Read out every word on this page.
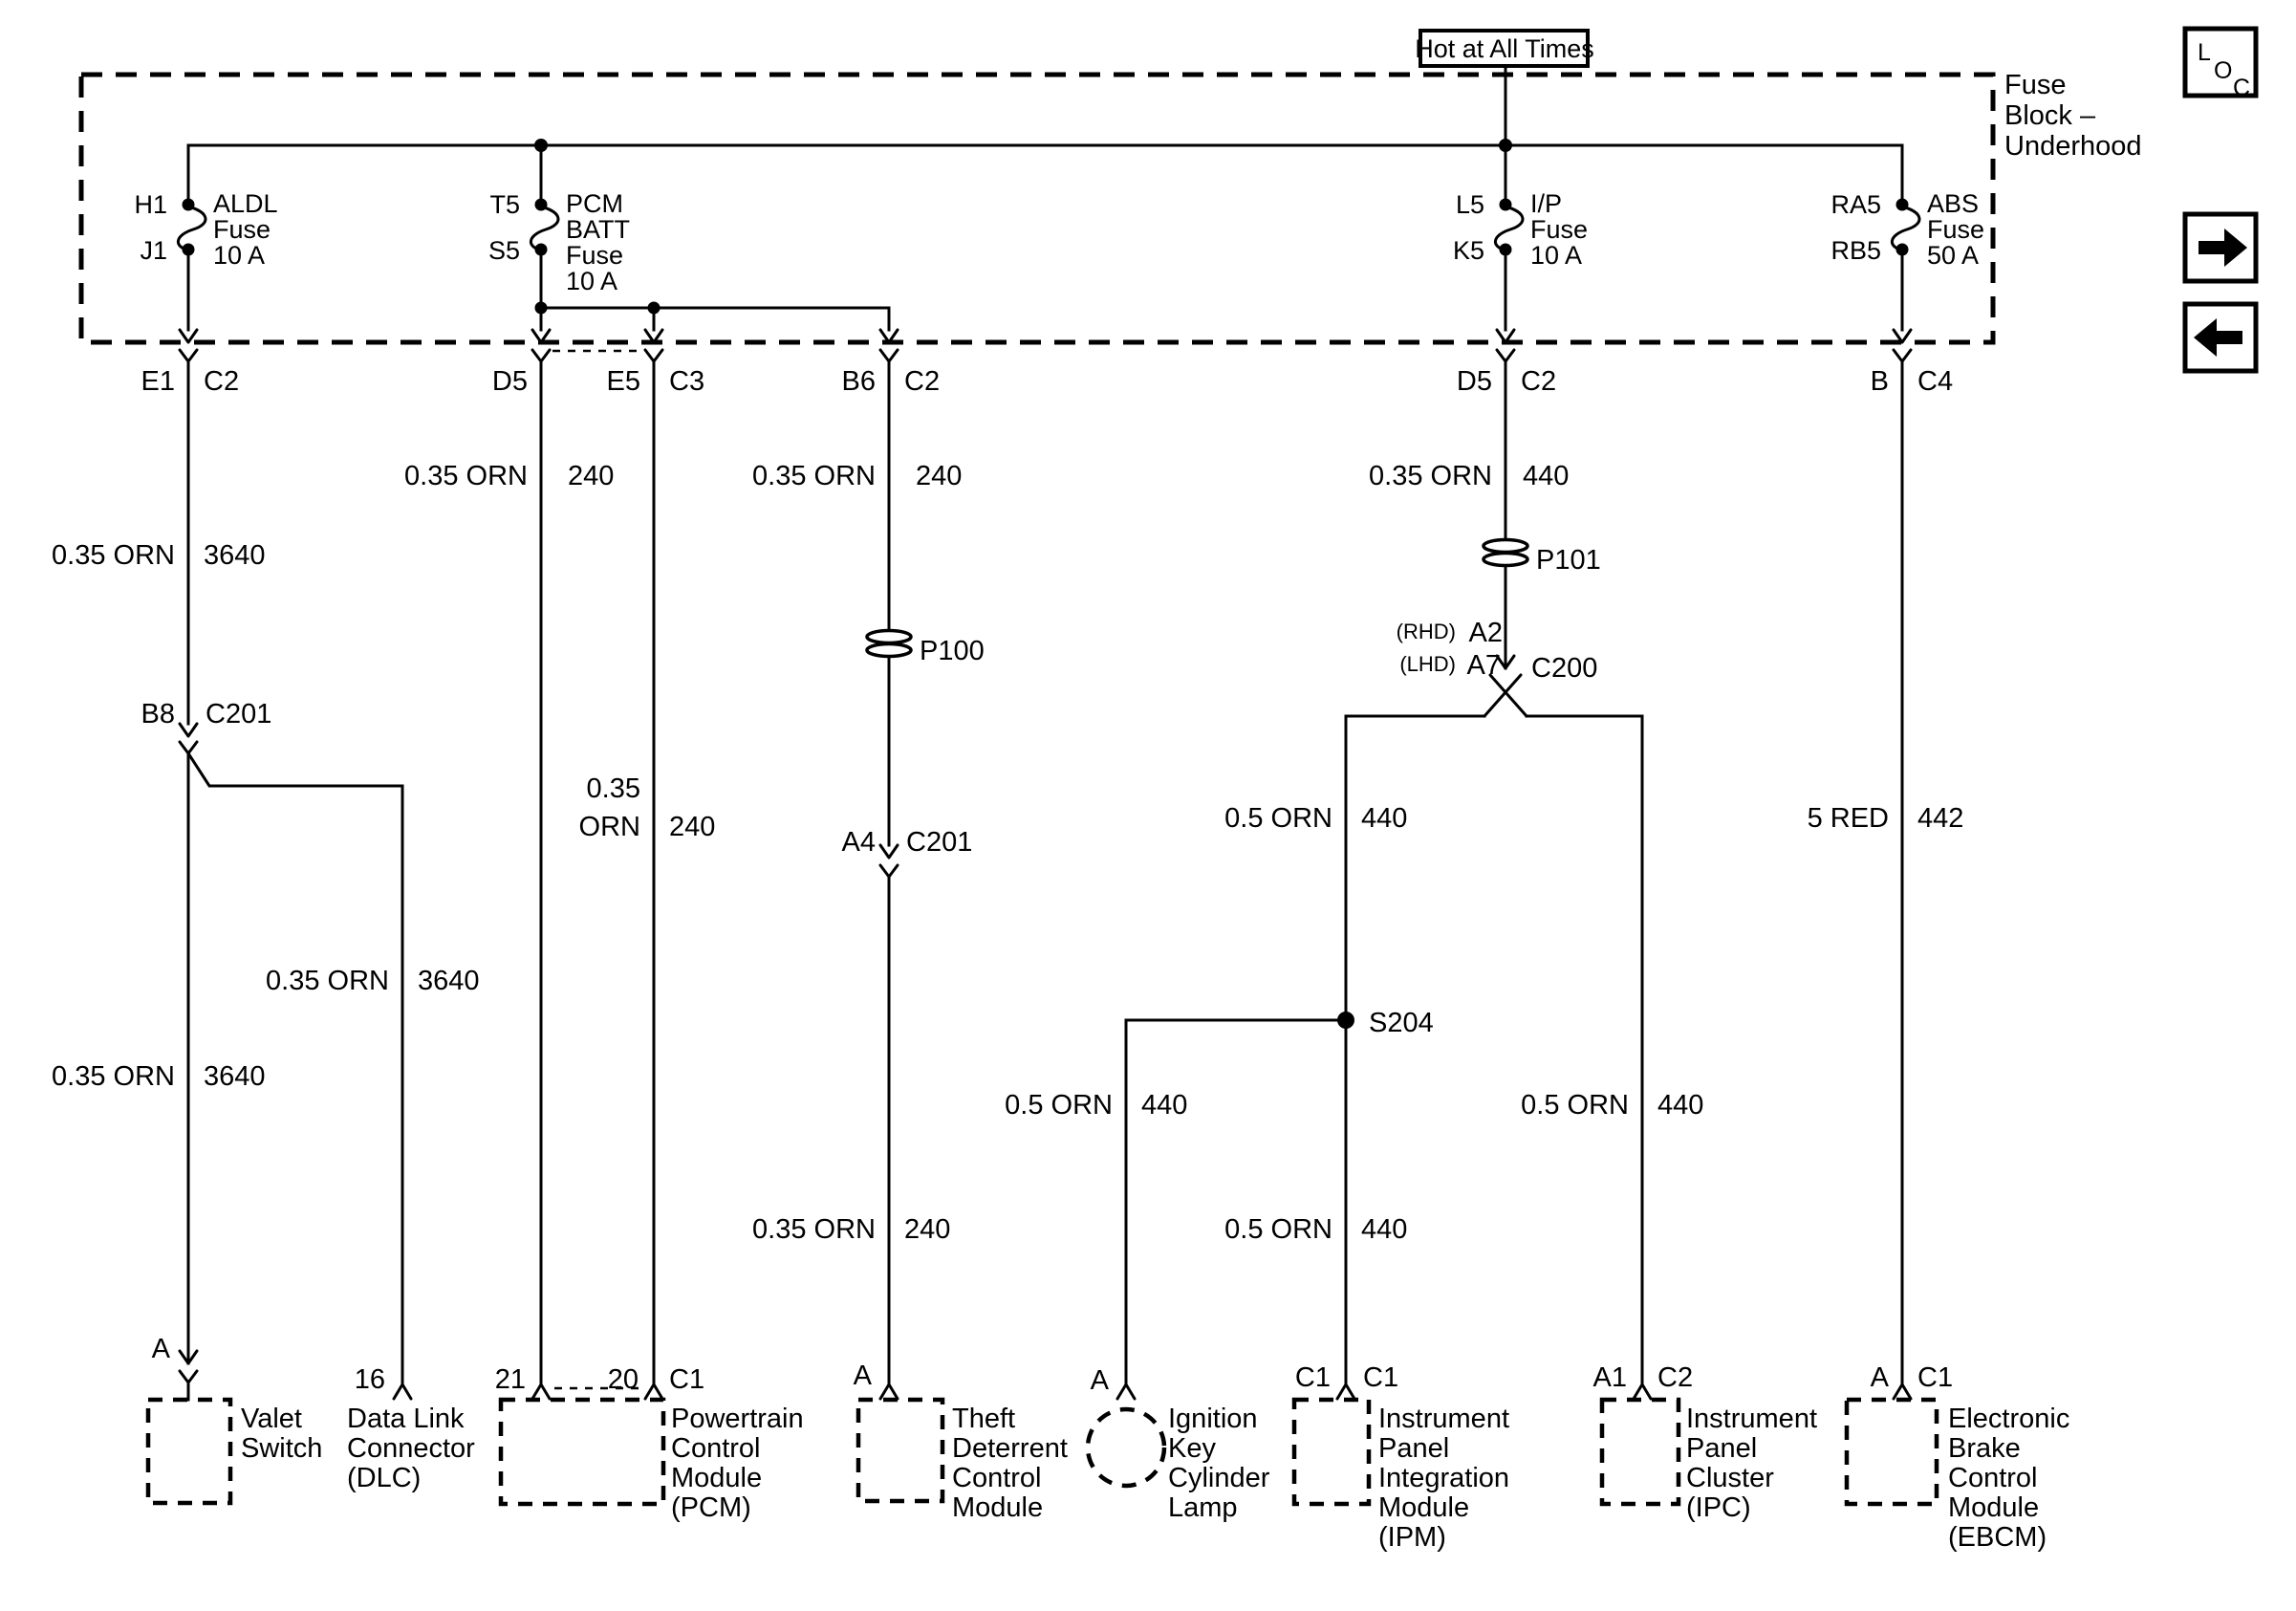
Hot at All Times
Fuse
Block –
Underhood
L
O
C
H1
J1
ALDL
Fuse
10 A
T5
S5
PCM
BATT
Fuse
10 A
L5
K5
I/P
Fuse
10 A
RA5
RB5
ABS
Fuse
50 A
E1 C2	D5	E5 C3	B6 C2	D5 C2	B C4
0.35 ORN 3640
B8 C201
0.35 ORN 3640
A
Valet
Switch
0.35 ORN 3640
16
Data Link
Connector
(DLC)
0.35 ORN 240
0.35
ORN 240
21	20 C1
Powertrain
Control
Module
(PCM)
0.35 ORN 240
P100
A4 C201
0.35 ORN 240
A
Theft
Deterrent
Control
Module
0.35 ORN 440
P101
(RHD) A2
(LHD) A7 C200
0.5 ORN 440
S204
0.5 ORN 440
C1 C1
Instrument
Panel
Integration
Module
(IPM)
0.5 ORN 440
A
Ignition
Key
Cylinder
Lamp
0.5 ORN 440
A1 C2
Instrument
Panel
Cluster
(IPC)
5 RED 442
A C1
Electronic
Brake
Control
Module
(EBCM)
